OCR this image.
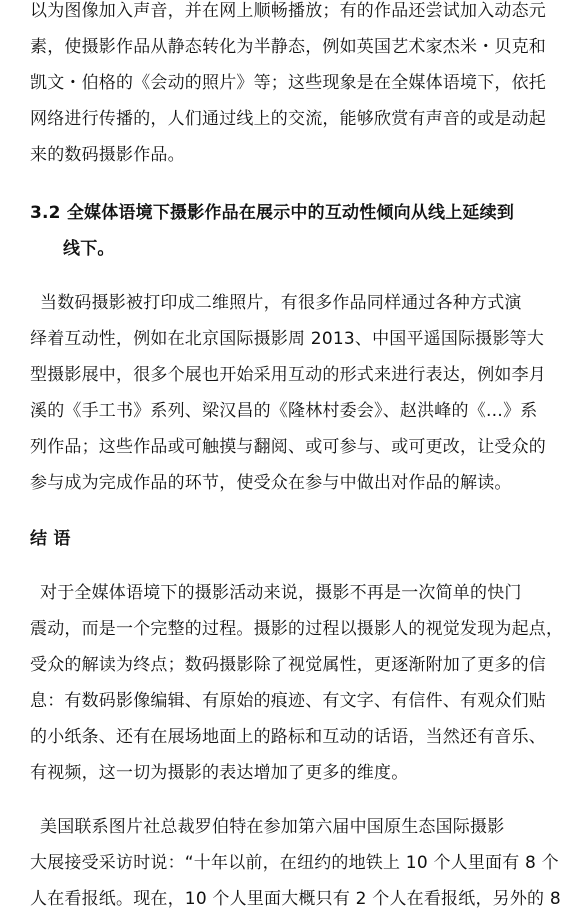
以为图像加入声音，并在网上顺畅播放；有的作品还尝试加入动态元
素，使摄影作品从静态转化为半静态，例如英国艺术家杰米・贝克和
凯文・伯格的《会动的照片》等；这些现象是在全媒体语境下，依托
网络进行传播的，人们通过线上的交流，能够欣赏有声音的或是动起
来的数码摄影作品。
3.2 全媒体语境下摄影作品在展示中的互动性倾向从线上延续到
线下。
当数码摄影被打印成二维照片，有很多作品同样通过各种方式演
绎着互动性，例如在北京国际摄影周 2013、中国平遥国际摄影等大
型摄影展中，很多个展也开始采用互动的形式来进行表达，例如李月
溪的《手工书》系列、梁汉昌的《隆林村委会》、赵洪峰的《…》系
列作品；这些作品或可触摸与翻阅、或可参与、或可更改，让受众的
参与成为完成作品的环节，使受众在参与中做出对作品的解读。
结 语
对于全媒体语境下的摄影活动来说，摄影不再是一次简单的快门
震动，而是一个完整的过程。摄影的过程以摄影人的视觉发现为起点，
受众的解读为终点；数码摄影除了视觉属性，更逐渐附加了更多的信
息：有数码影像编辑、有原始的痕迹、有文字、有信件、有观众们贴
的小纸条、还有在展场地面上的路标和互动的话语，当然还有音乐、
有视频，这一切为摄影的表达增加了更多的维度。
美国联系图片社总裁罗伯特在参加第六届中国原生态国际摄影
大展接受采访时说：“十年以前，在纽约的地铁上 10 个人里面有 8 个
人在看报纸。现在，10 个人里面大概只有 2 个人在看报纸，另外的 8
